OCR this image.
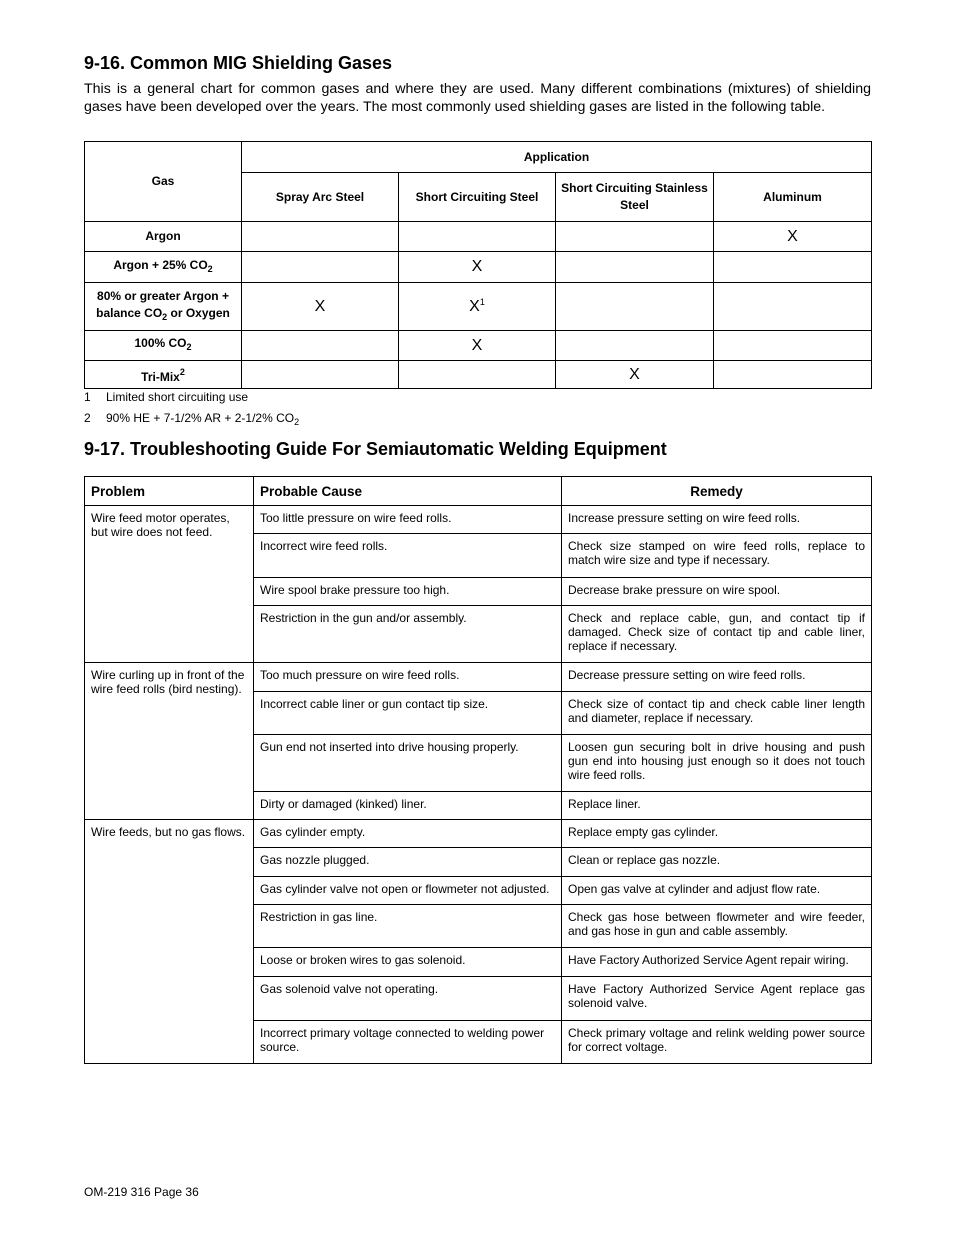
9-16. Common MIG Shielding Gases
This is a general chart for common gases and where they are used. Many different combinations (mixtures) of shielding gases have been developed over the years. The most commonly used shielding gases are listed in the following table.
Gas	Application			
	Spray Arc Steel	Short Circuiting Steel	Short Circuiting Stainless Steel	Aluminum
Argon				X
Argon + 25% $CO_2$		X		
80% or greater Argon +
balance $CO_2$ or Oxygen	X	$X^1$		
100% $CO_2$		X		
Tri-Mix$^2$			X	
1 Limited short circuiting use
2 90% HE + 7-1/2% AR + 2-1/2% $CO_2$
9-17. Troubleshooting Guide For Semiautomatic Welding Equipment
Problem	Probable Cause	Remedy
Wire feed motor operates, but wire does not feed.	Too little pressure on wire feed rolls.	Increase pressure setting on wire feed rolls.
	Incorrect wire feed rolls.	Check size stamped on wire feed rolls, replace to match wire size and type if necessary.
	Wire spool brake pressure too high.	Decrease brake pressure on wire spool.
	Restriction in the gun and/or assembly.	Check and replace cable, gun, and contact tip if damaged. Check size of contact tip and cable liner, replace if necessary.
Wire curling up in front of the wire feed rolls (bird nesting).	Too much pressure on wire feed rolls.	Decrease pressure setting on wire feed rolls.
	Incorrect cable liner or gun contact tip size.	Check size of contact tip and check cable liner length and diameter, replace if necessary.
	Gun end not inserted into drive housing properly.	Loosen gun securing bolt in drive housing and push gun end into housing just enough so it does not touch wire feed rolls.
	Dirty or damaged (kinked) liner.	Replace liner.
Wire feeds, but no gas flows.	Gas cylinder empty.	Replace empty gas cylinder.
	Gas nozzle plugged.	Clean or replace gas nozzle.
	Gas cylinder valve not open or flowmeter not adjusted.	Open gas valve at cylinder and adjust flow rate.
	Restriction in gas line.	Check gas hose between flowmeter and wire feeder, and gas hose in gun and cable assembly.
	Loose or broken wires to gas solenoid.	Have Factory Authorized Service Agent repair wiring.
	Gas solenoid valve not operating.	Have Factory Authorized Service Agent replace gas solenoid valve.
	Incorrect primary voltage connected to welding power source.	Check primary voltage and relink welding power source for correct voltage.
OM-219 316 Page 36
